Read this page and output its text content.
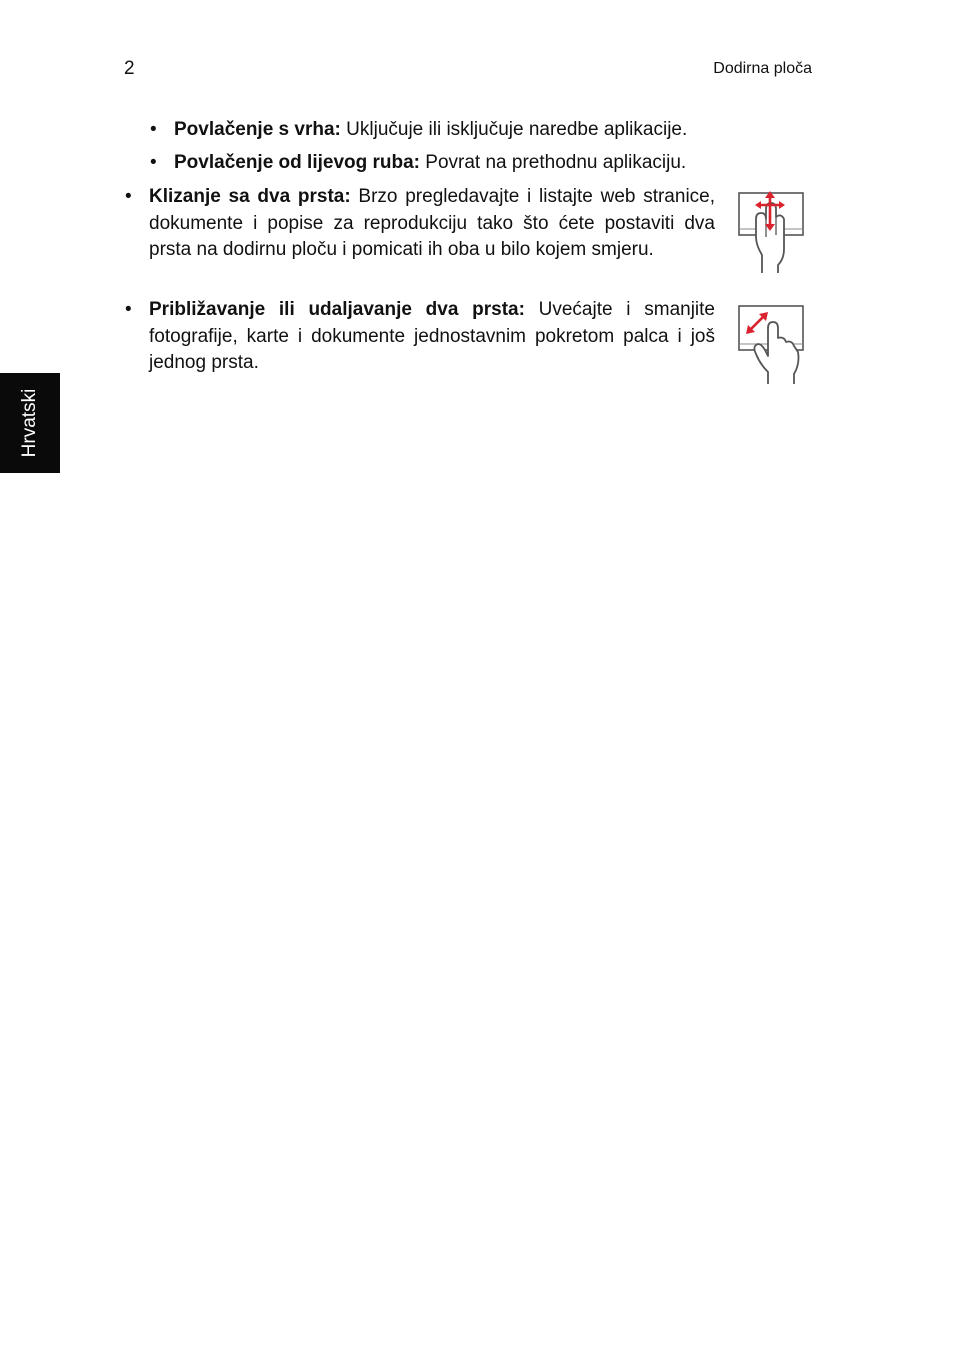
2	Dodirna ploča
Hrvatski
• Povlačenje s vrha: Uključuje ili isključuje naredbe aplikacije.
• Povlačenje od lijevog ruba: Povrat na prethodnu aplikaciju.
• Klizanje sa dva prsta: Brzo pregledavajte i listajte web stranice, dokumente i popise za reprodukciju tako što ćete postaviti dva prsta na dodirnu ploču i pomicati ih oba u bilo kojem smjeru.
• Približavanje ili udaljavanje dva prsta: Uvećajte i smanjite fotografije, karte i dokumente jednostavnim pokretom palca i još jednog prsta.
